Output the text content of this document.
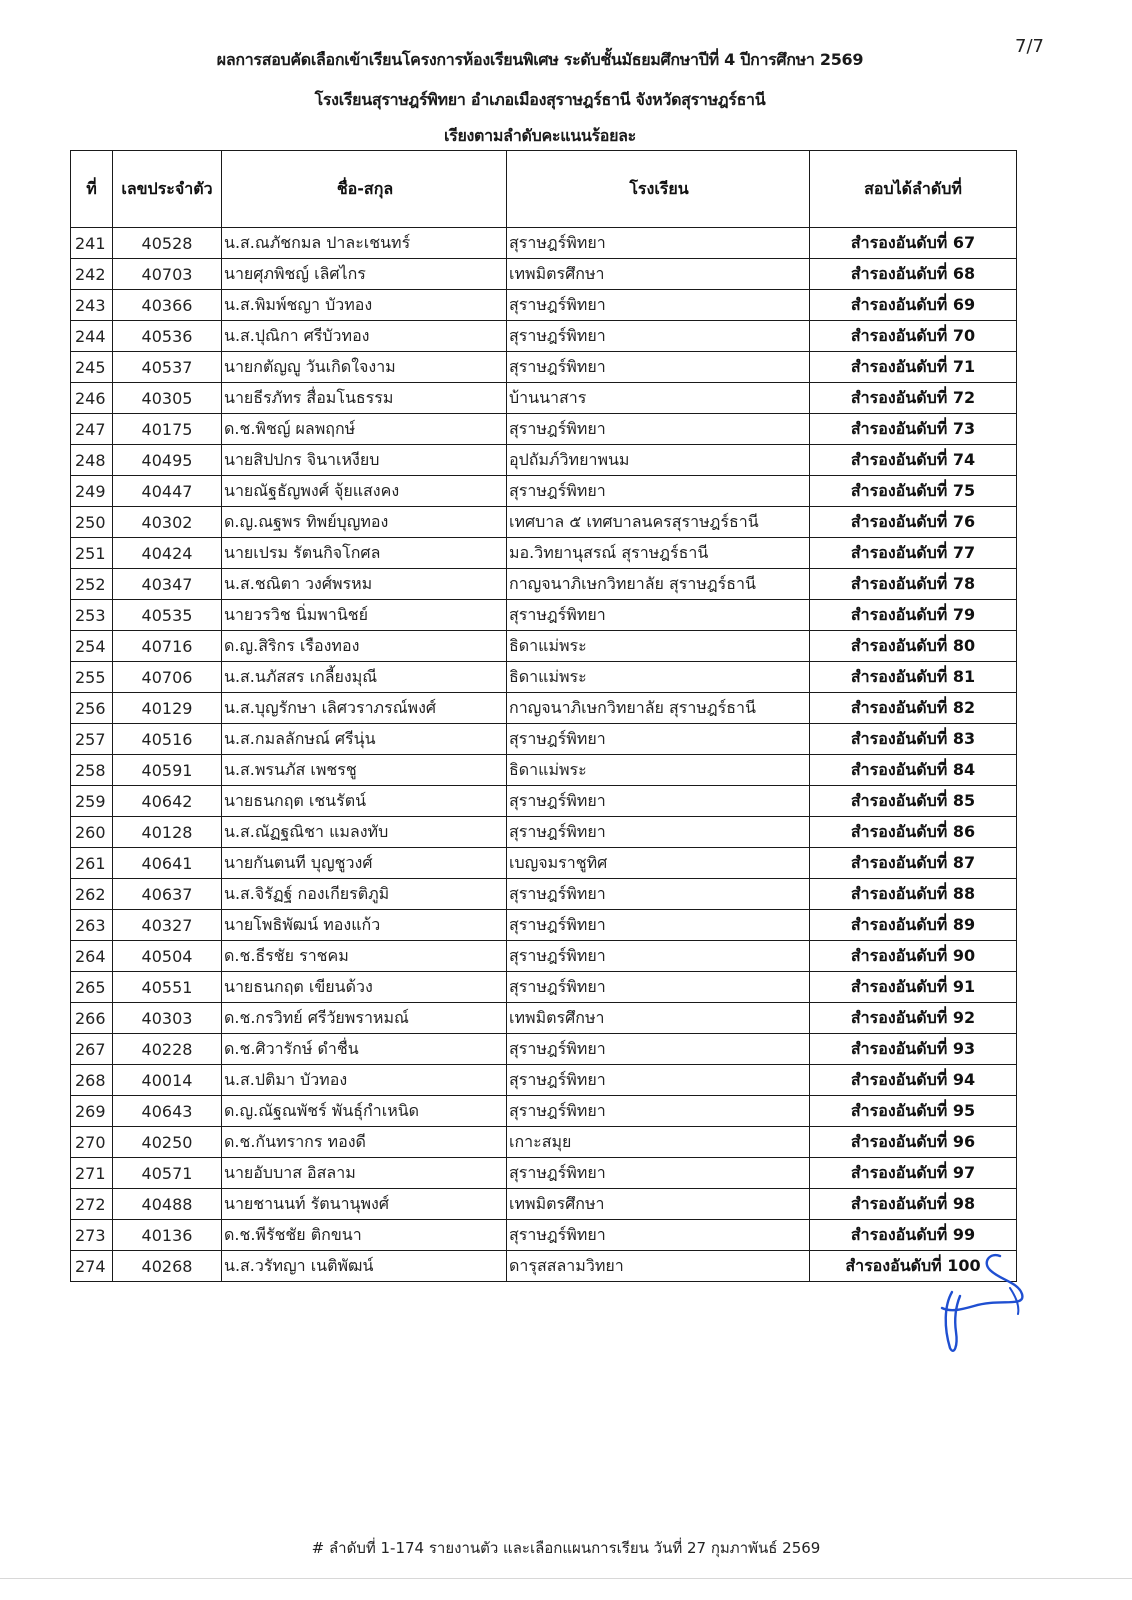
7/7
ผลการสอบคัดเลือกเข้าเรียนโครงการห้องเรียนพิเศษ ระดับชั้นมัธยมศึกษาปีที่ 4 ปีการศึกษา 2569
โรงเรียนสุราษฎร์พิทยา อำเภอเมืองสุราษฎร์ธานี จังหวัดสุราษฎร์ธานี
เรียงตามลำดับคะแนนร้อยละ
ที่	เลขประจำตัว	ชื่อ-สกุล	โรงเรียน	สอบได้ลำดับที่
241	40528	น.ส.ณภัชกมล ปาละเชนทร์	สุราษฎร์พิทยา	สำรองอันดับที่ 67
242	40703	นายศุภพิชญ์ เลิศไกร	เทพมิตรศึกษา	สำรองอันดับที่ 68
243	40366	น.ส.พิมพ์ชญา บัวทอง	สุราษฎร์พิทยา	สำรองอันดับที่ 69
244	40536	น.ส.ปุณิกา ศรีบัวทอง	สุราษฎร์พิทยา	สำรองอันดับที่ 70
245	40537	นายกตัญญู วันเกิดใจงาม	สุราษฎร์พิทยา	สำรองอันดับที่ 71
246	40305	นายธีรภัทร สื่อมโนธรรม	บ้านนาสาร	สำรองอันดับที่ 72
247	40175	ด.ช.พิชญ์ ผลพฤกษ์	สุราษฎร์พิทยา	สำรองอันดับที่ 73
248	40495	นายสิปปกร จินาเหงียบ	อุปถัมภ์วิทยาพนม	สำรองอันดับที่ 74
249	40447	นายณัฐธัญพงศ์ จุ้ยแสงคง	สุราษฎร์พิทยา	สำรองอันดับที่ 75
250	40302	ด.ญ.ณฐพร ทิพย์บุญทอง	เทศบาล ๕ เทศบาลนครสุราษฎร์ธานี	สำรองอันดับที่ 76
251	40424	นายเปรม รัตนกิจโกศล	มอ.วิทยานุสรณ์ สุราษฎร์ธานี	สำรองอันดับที่ 77
252	40347	น.ส.ชณิตา วงศ์พรหม	กาญจนาภิเษกวิทยาลัย สุราษฎร์ธานี	สำรองอันดับที่ 78
253	40535	นายวรวิช นิ่มพานิชย์	สุราษฎร์พิทยา	สำรองอันดับที่ 79
254	40716	ด.ญ.สิริกร เรืองทอง	ธิดาแม่พระ	สำรองอันดับที่ 80
255	40706	น.ส.นภัสสร เกลี้ยงมุณี	ธิดาแม่พระ	สำรองอันดับที่ 81
256	40129	น.ส.บุญรักษา เลิศวราภรณ์พงศ์	กาญจนาภิเษกวิทยาลัย สุราษฎร์ธานี	สำรองอันดับที่ 82
257	40516	น.ส.กมลลักษณ์ ศรีนุ่น	สุราษฎร์พิทยา	สำรองอันดับที่ 83
258	40591	น.ส.พรนภัส เพชรชู	ธิดาแม่พระ	สำรองอันดับที่ 84
259	40642	นายธนกฤต เชนรัตน์	สุราษฎร์พิทยา	สำรองอันดับที่ 85
260	40128	น.ส.ณัฏฐณิชา แมลงทับ	สุราษฎร์พิทยา	สำรองอันดับที่ 86
261	40641	นายกันตนที บุญชูวงศ์	เบญจมราชูทิศ	สำรองอันดับที่ 87
262	40637	น.ส.จิรัฏฐ์ กองเกียรติภูมิ	สุราษฎร์พิทยา	สำรองอันดับที่ 88
263	40327	นายโพธิพัฒน์ ทองแก้ว	สุราษฎร์พิทยา	สำรองอันดับที่ 89
264	40504	ด.ช.ธีรชัย ราชคม	สุราษฎร์พิทยา	สำรองอันดับที่ 90
265	40551	นายธนกฤต เขียนด้วง	สุราษฎร์พิทยา	สำรองอันดับที่ 91
266	40303	ด.ช.กรวิทย์ ศรีวัยพราหมณ์	เทพมิตรศึกษา	สำรองอันดับที่ 92
267	40228	ด.ช.ศิวารักษ์ ดำชื่น	สุราษฎร์พิทยา	สำรองอันดับที่ 93
268	40014	น.ส.ปติมา บัวทอง	สุราษฎร์พิทยา	สำรองอันดับที่ 94
269	40643	ด.ญ.ณัฐณพัชร์ พันธุ์กำเหนิด	สุราษฎร์พิทยา	สำรองอันดับที่ 95
270	40250	ด.ช.กันทรากร ทองดี	เกาะสมุย	สำรองอันดับที่ 96
271	40571	นายอับบาส อิสลาม	สุราษฎร์พิทยา	สำรองอันดับที่ 97
272	40488	นายชานนท์ รัตนานุพงศ์	เทพมิตรศึกษา	สำรองอันดับที่ 98
273	40136	ด.ช.พีรัชชัย ติกขนา	สุราษฎร์พิทยา	สำรองอันดับที่ 99
274	40268	น.ส.วรัทญา เนติพัฒน์	ดารุสสลามวิทยา	สำรองอันดับที่ 100
# ลำดับที่ 1-174 รายงานตัว และเลือกแผนการเรียน วันที่ 27 กุมภาพันธ์ 2569
